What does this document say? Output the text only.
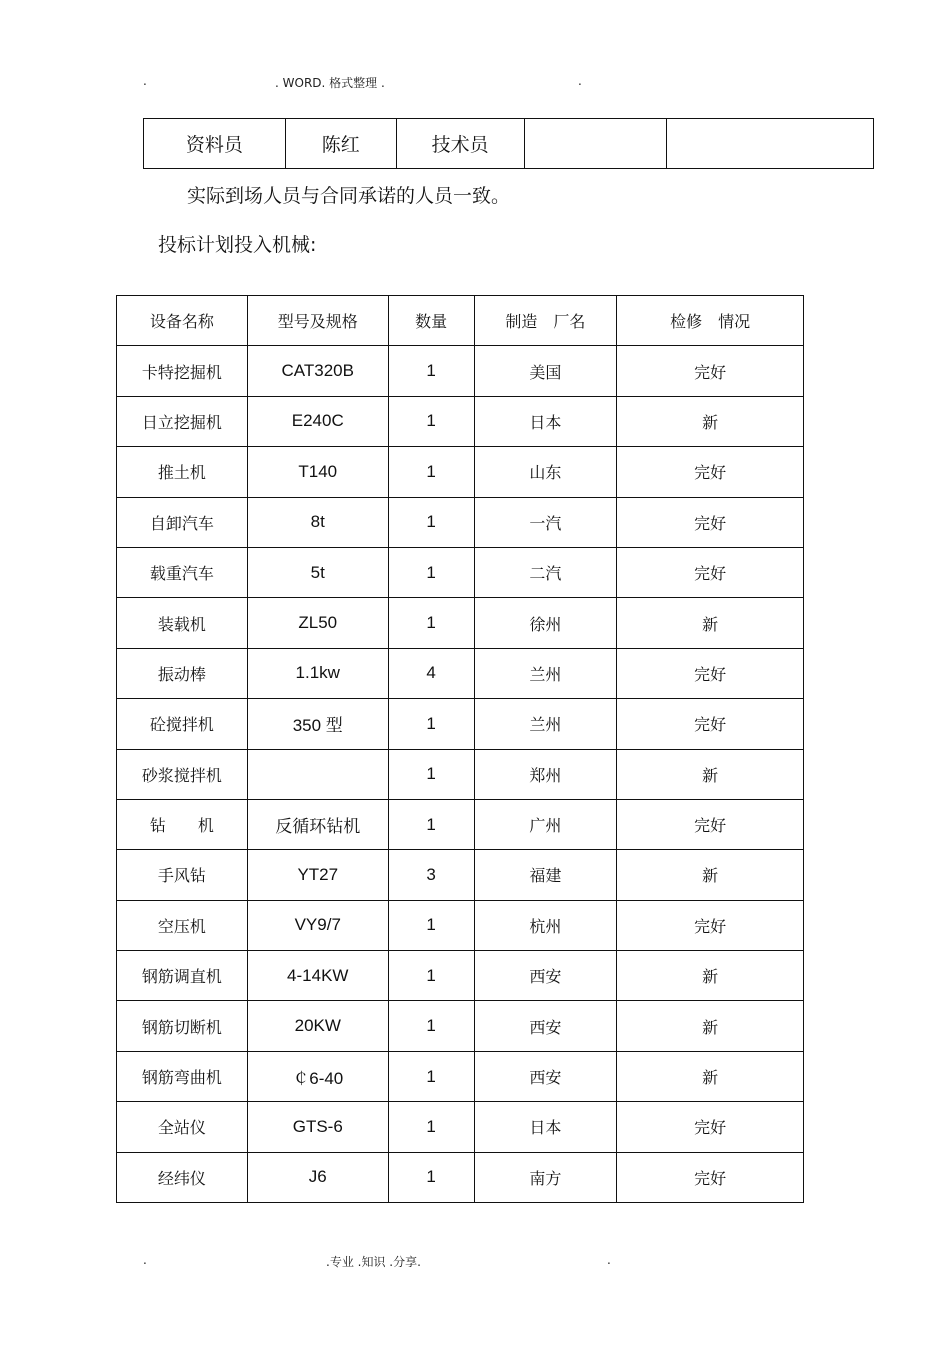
.	. WORD. 格式整理 .	.
资料员	陈红	技术员		
实际到场人员与合同承诺的人员一致。
投标计划投入机械:
设备名称	型号及规格	数量	制造　厂名	检修　情况
卡特挖掘机	CAT320B	1	美国	完好
日立挖掘机	E240C	1	日本	新
推土机	T140	1	山东	完好
自卸汽车	8t	1	一汽	完好
载重汽车	5t	1	二汽	完好
装载机	ZL50	1	徐州	新
振动棒	1.1kw	4	兰州	完好
砼搅拌机	350 型	1	兰州	完好
砂浆搅拌机		1	郑州	新
钻　　机	反循环钻机	1	广州	完好
手风钻	YT27	3	福建	新
空压机	VY9/7	1	杭州	完好
钢筋调直机	4-14KW	1	西安	新
钢筋切断机	20KW	1	西安	新
钢筋弯曲机	￠6-40	1	西安	新
全站仪	GTS-6	1	日本	完好
经纬仪	J6	1	南方	完好
.	.专业 .知识 .分享.	.
